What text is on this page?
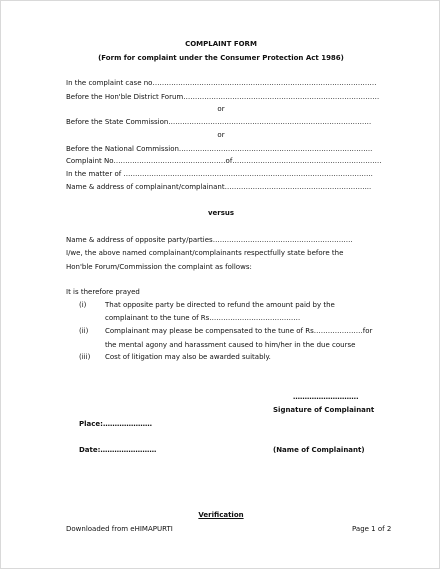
COMPLAINT FORM
(Form for complaint under the Consumer Protection Act 1986)
In the complaint case no……………………………………………………………………………………
Before the Hon'ble District Forum…………………………………………………………………………
or
Before the State Commission……………………………………………………………………………
or
Before the National Commission………………………………………………………………………..
Complaint No…………………………………………of……………………………………………………….
In the matter of ……………………………………………………………………………………………..
Name & address of complainant/complainant……………………………………………………...
versus
Name & address of opposite party/parties……………………………………………………
I/we, the above named complainant/complainants respectfully state before the
Hon'ble Forum/Commission the complaint as follows:
It is therefore prayed
(i)	That opposite party be directed to refund the amount paid by the
complainant to the tune of Rs…………………………………
(ii) Complainant may please be compensated to the tune of Rs…………………for
the mental agony and harassment caused to him/her in the due course
(iii) Cost of litigation may also be awarded suitably.
……………………….
Signature of Complainant
Place:…………………
Date:……………………	(Name of Complainant)
Verification
Downloaded from eHIMAPURTI	Page 1 of 2
